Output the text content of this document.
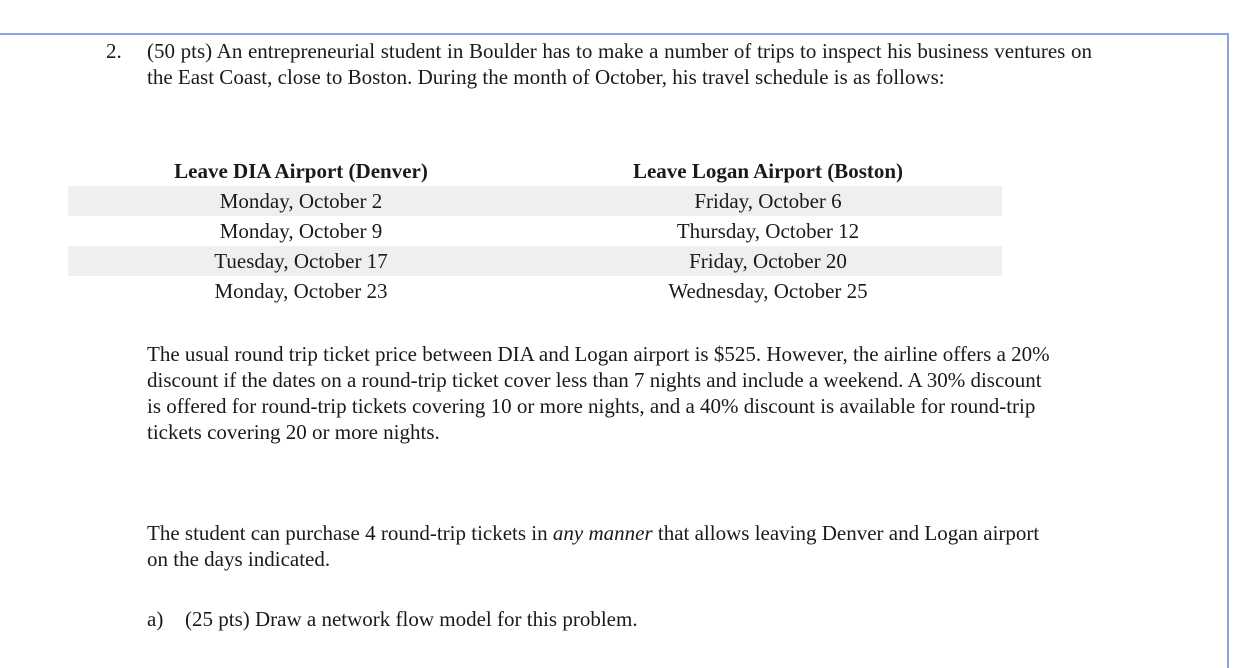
2. (50 pts) An entrepreneurial student in Boulder has to make a number of trips to inspect his business ventures on the East Coast, close to Boston. During the month of October, his travel schedule is as follows:

Leave DIA Airport (Denver)	Leave Logan Airport (Boston)
Monday, October 2	Friday, October 6
Monday, October 9	Thursday, October 12
Tuesday, October 17	Friday, October 20
Monday, October 23	Wednesday, October 25

The usual round trip ticket price between DIA and Logan airport is $525. However, the airline offers a 20% discount if the dates on a round-trip ticket cover less than 7 nights and include a weekend. A 30% discount is offered for round-trip tickets covering 10 or more nights, and a 40% discount is available for round-trip tickets covering 20 or more nights.

The student can purchase 4 round-trip tickets in any manner that allows leaving Denver and Logan airport on the days indicated.

a) (25 pts) Draw a network flow model for this problem.
